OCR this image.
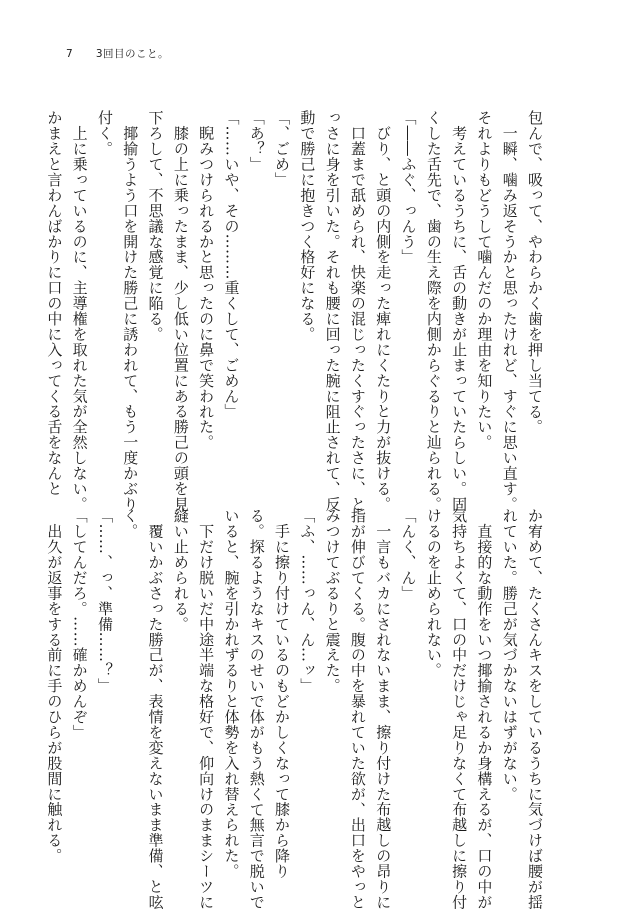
7 3回目のこと。
包んで、吸って、やわらかく歯を押し当てる。
　一瞬、噛み返そうかと思ったけれど、すぐに思い直す。
それよりもどうして噛んだのか理由を知りたい。
　考えているうちに、舌の動きが止まっていたらしい。固
くした舌先で、歯の生え際を内側からぐるりと辿られる。
「――ふぐ、っんう」
　びり、と頭の内側を走った痺れにくたりと力が抜ける。
　口蓋まで舐められ、快楽の混じったくすぐったさに、と
っさに身を引いた。それも腰に回った腕に阻止されて、反
動で勝己に抱きつく格好になる。
「、ごめ」
「あ？」
「……いや、その………重くして、ごめん」
　睨みつけられるかと思ったのに鼻で笑われた。
　膝の上に乗ったまま、少し低い位置にある勝己の頭を見
下ろして、不思議な感覚に陥る。
　揶揄うよう口を開けた勝己に誘われて、もう一度かぶり
付く。
　上に乗っているのに、主導権を取れた気が全然しない。
かまえと言わんばかりに口の中に入ってくる舌をなんと
か宥めて、たくさんキスをしているうちに気づけば腰が揺
れていた。勝己が気づかないはずがない。
　直接的な動作をいつ揶揄されるか身構えるが、口の中が
気持ちよくて、口の中だけじゃ足りなくて布越しに擦り付
けるのを止められない。
「んく、ん」
　一言もバカにされないまま、擦り付けた布越しの昂りに
指が伸びてくる。腹の中を暴れていた欲が、出口をやっと
みつけてぶるりと震えた。
「ふ、……っん、ん…ッ」
　手に擦り付けているのもどかしくなって膝から降り
る。探るようなキスのせいで体がもう熱くて無言で脱いで
いると、腕を引かれずるりと体勢を入れ替えられた。
　下だけ脱いだ中途半端な格好で、仰向けのままシーツに
縫い止められる。
　覆いかぶさった勝己が、表情を変えないまま準備、と呟
く。
「……、っ、準備……？」
「してんだろ。……確かめんぞ」
　出久が返事をする前に手のひらが股間に触れる。
